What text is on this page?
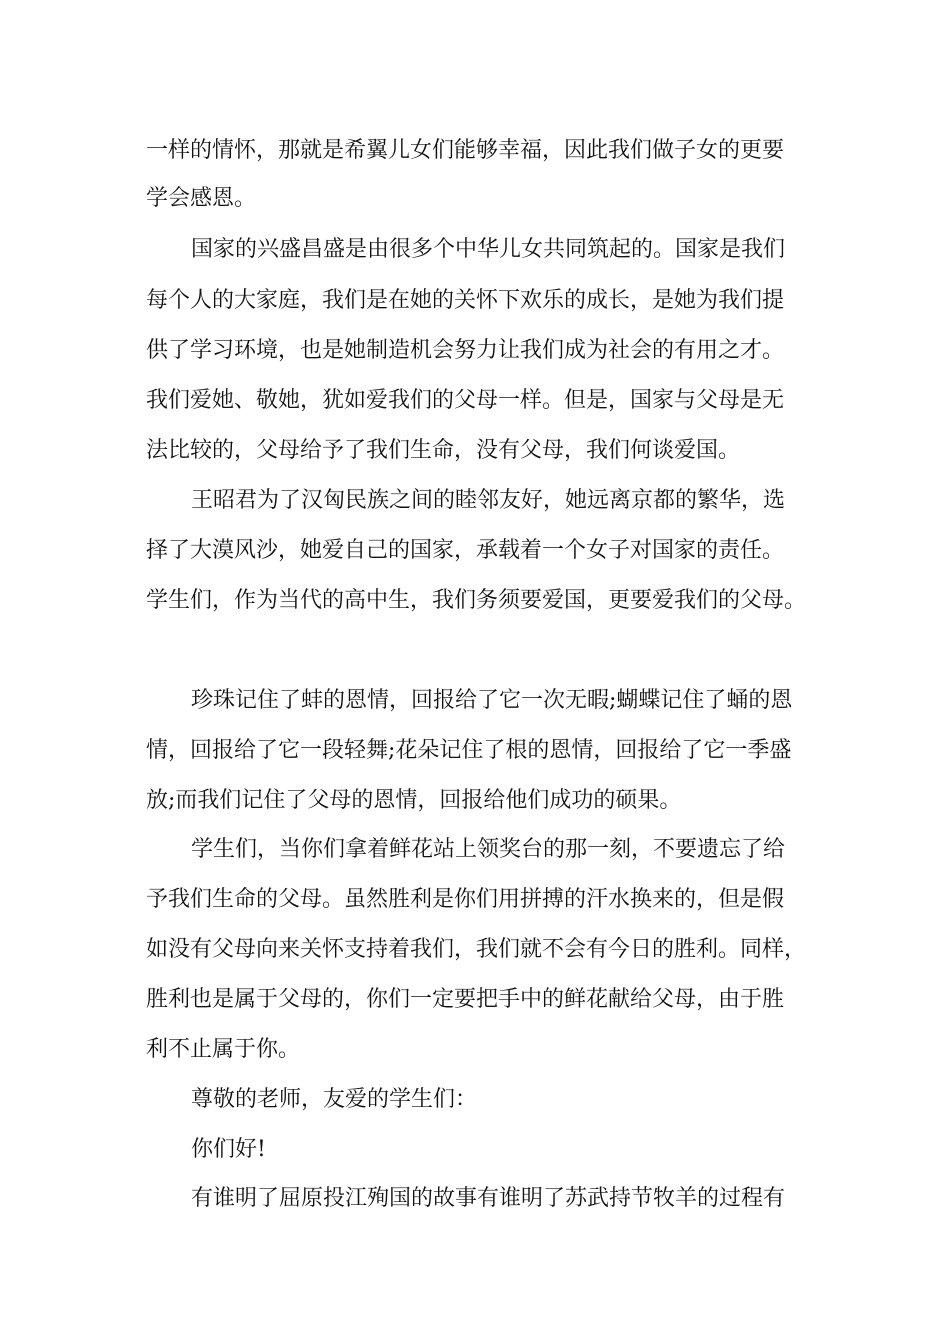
一样的情怀，那就是希翼儿女们能够幸福，因此我们做子女的更要
学会感恩。
国家的兴盛昌盛是由很多个中华儿女共同筑起的。国家是我们
每个人的大家庭，我们是在她的关怀下欢乐的成长，是她为我们提
供了学习环境，也是她制造机会努力让我们成为社会的有用之才。
我们爱她、敬她，犹如爱我们的父母一样。但是，国家与父母是无
法比较的，父母给予了我们生命，没有父母，我们何谈爱国。
王昭君为了汉匈民族之间的睦邻友好，她远离京都的繁华，选
择了大漠风沙，她爱自己的国家，承载着一个女子对国家的责任。
学生们，作为当代的高中生，我们务须要爱国，更要爱我们的父母。
珍珠记住了蚌的恩情，回报给了它一次无暇;蝴蝶记住了蛹的恩
情，回报给了它一段轻舞;花朵记住了根的恩情，回报给了它一季盛
放;而我们记住了父母的恩情，回报给他们成功的硕果。
学生们，当你们拿着鲜花站上领奖台的那一刻，不要遗忘了给
予我们生命的父母。虽然胜利是你们用拼搏的汗水换来的，但是假
如没有父母向来关怀支持着我们，我们就不会有今日的胜利。同样，
胜利也是属于父母的，你们一定要把手中的鲜花献给父母，由于胜
利不止属于你。
尊敬的老师，友爱的学生们：
你们好!
有谁明了屈原投江殉国的故事有谁明了苏武持节牧羊的过程有
